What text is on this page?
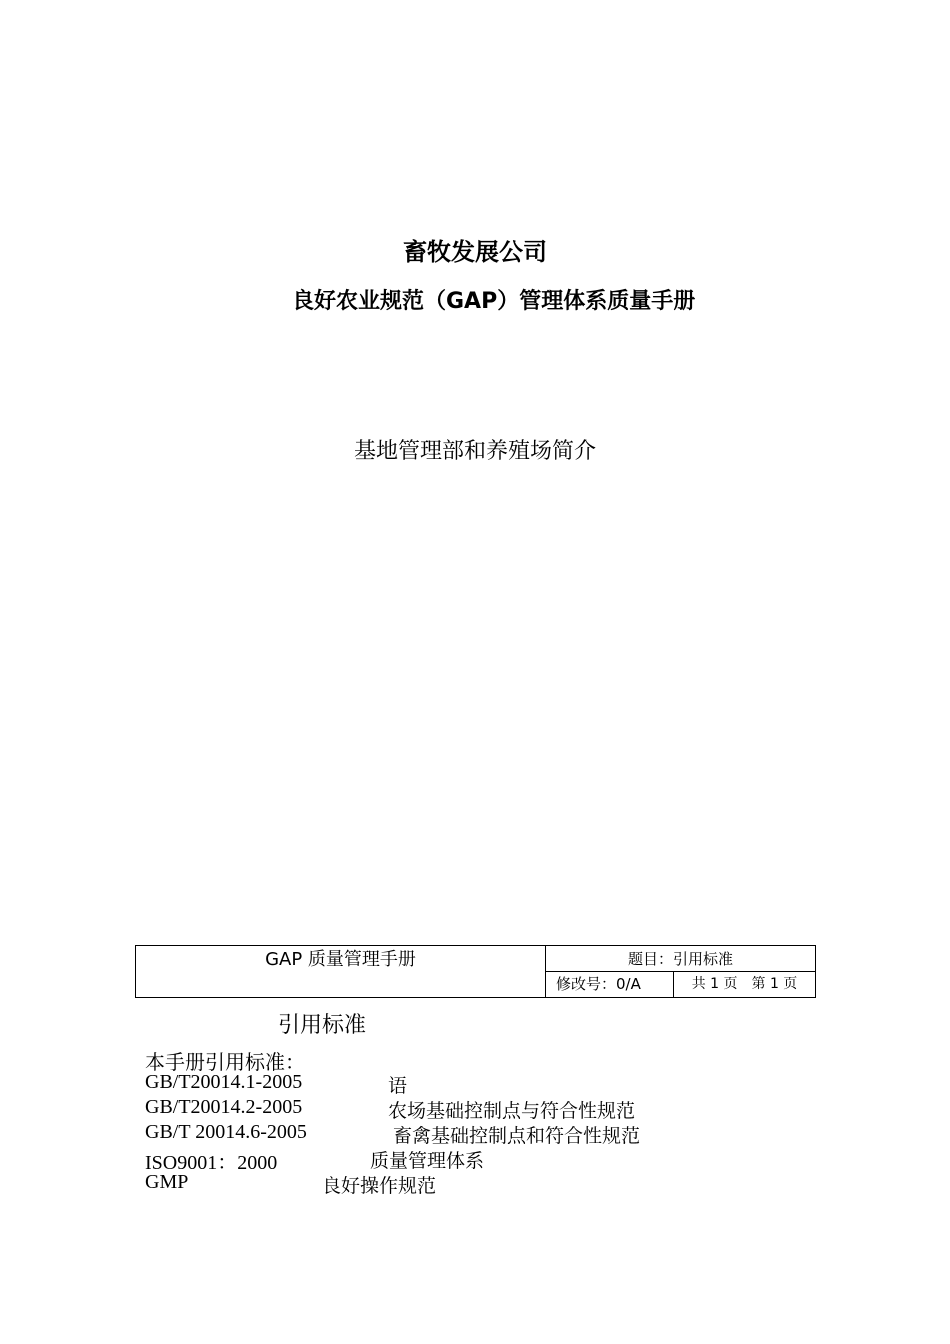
畜牧发展公司
良好农业规范（GAP）管理体系质量手册
基地管理部和养殖场简介
GAP 质量管理手册	题目：引用标准
修改号：0/A	共 1 页　第 1 页
引用标准
本手册引用标准：
GB/T20014.1-2005	语
GB/T20014.2-2005	农场基础控制点与符合性规范
GB/T 20014.6-2005	畜禽基础控制点和符合性规范
ISO9001：2000	质量管理体系
GMP	良好操作规范
